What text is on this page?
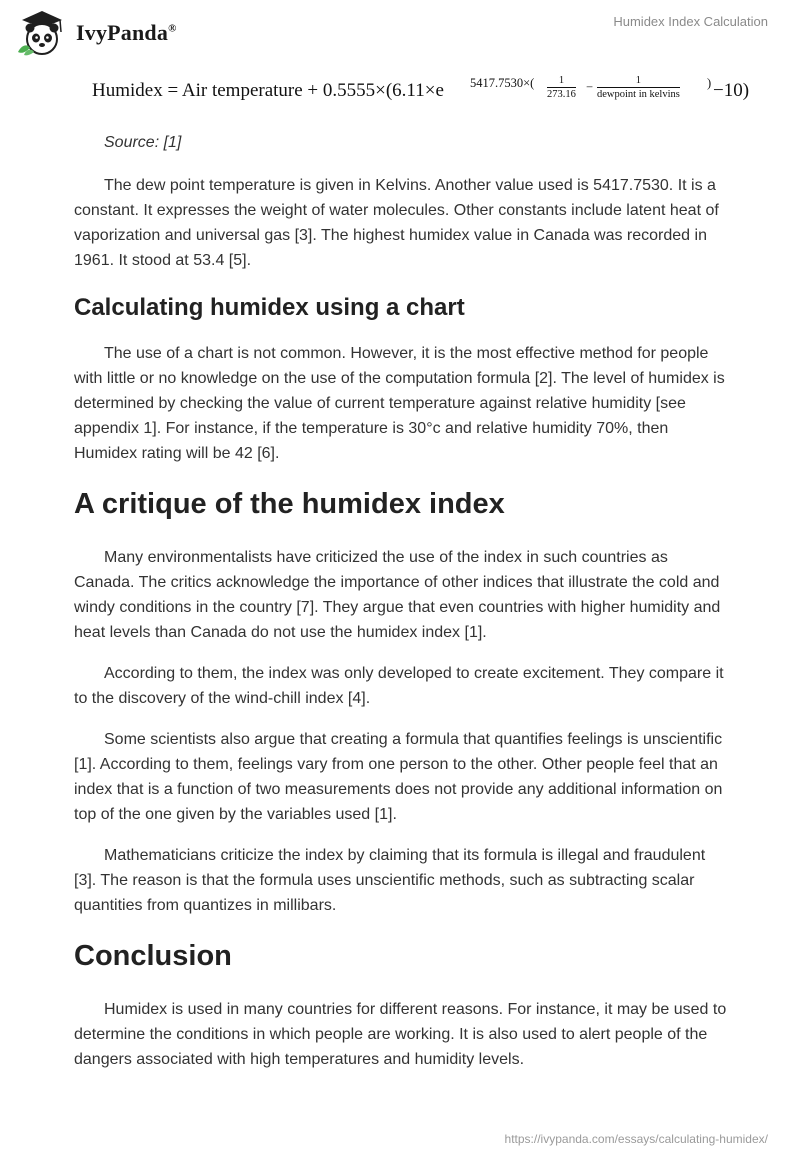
IvyPanda®	Humidex Index Calculation
Humidex = Air temperature + 0.5555×(6.11×e 5417.7530×(	1
273.16
−	1
dewpoint in kelvins
) −10)
Source: [1]

The dew point temperature is given in Kelvins. Another value used is 5417.7530. It is a constant. It expresses the weight of water molecules. Other constants include latent heat of vaporization and universal gas [3]. The highest humidex value in Canada was recorded in 1961. It stood at 53.4 [5].

Calculating humidex using a chart

The use of a chart is not common. However, it is the most effective method for people with little or no knowledge on the use of the computation formula [2]. The level of humidex is determined by checking the value of current temperature against relative humidity [see appendix 1]. For instance, if the temperature is 30°c and relative humidity 70%, then Humidex rating will be 42 [6].

A critique of the humidex index

Many environmentalists have criticized the use of the index in such countries as Canada. The critics acknowledge the importance of other indices that illustrate the cold and windy conditions in the country [7]. They argue that even countries with higher humidity and heat levels than Canada do not use the humidex index [1].

According to them, the index was only developed to create excitement. They compare it to the discovery of the wind-chill index [4].

Some scientists also argue that creating a formula that quantifies feelings is unscientific [1]. According to them, feelings vary from one person to the other. Other people feel that an index that is a function of two measurements does not provide any additional information on top of the one given by the variables used [1].

Mathematicians criticize the index by claiming that its formula is illegal and fraudulent [3]. The reason is that the formula uses unscientific methods, such as subtracting scalar quantities from quantizes in millibars.

Conclusion

Humidex is used in many countries for different reasons. For instance, it may be used to determine the conditions in which people are working. It is also used to alert people of the dangers associated with high temperatures and humidity levels.

https://ivypanda.com/essays/calculating-humidex/
